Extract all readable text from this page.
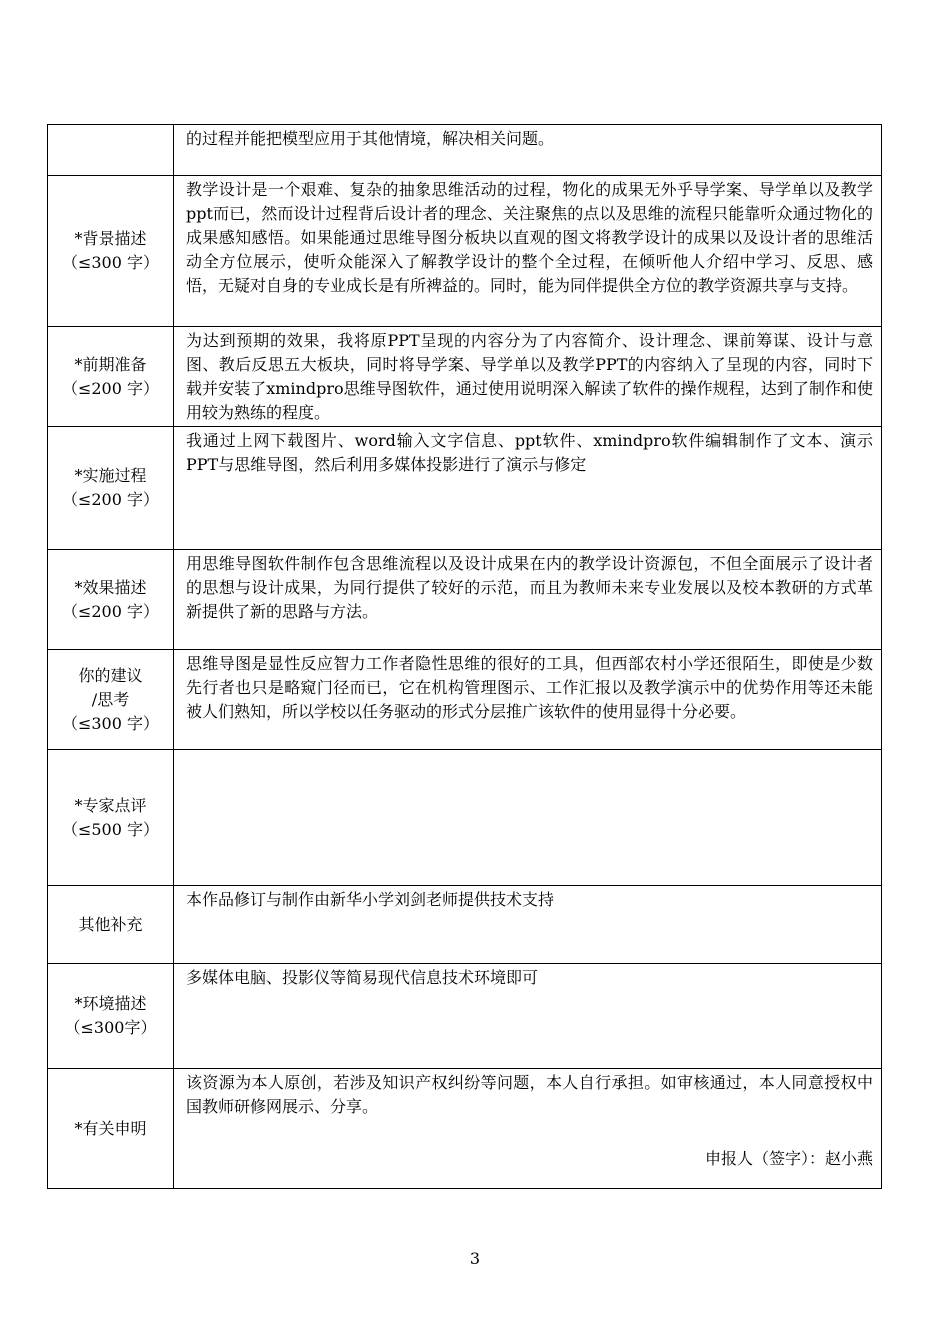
	的过程并能把模型应用于其他情境，解决相关问题。

*背景描述
（≤300 字）	教学设计是一个艰难、复杂的抽象思维活动的过程，物化的成果无外乎导学案、导学单以及教学ppt而已，然而设计过程背后设计者的理念、关注聚焦的点以及思维的流程只能靠听众通过物化的成果感知感悟。如果能通过思维导图分板块以直观的图文将教学设计的成果以及设计者的思维活动全方位展示，使听众能深入了解教学设计的整个全过程，在倾听他人介绍中学习、反思、感悟，无疑对自身的专业成长是有所裨益的。同时，能为同伴提供全方位的教学资源共享与支持。

*前期准备
（≤200 字）	为达到预期的效果，我将原PPT呈现的内容分为了内容简介、设计理念、课前筹谋、设计与意图、教后反思五大板块，同时将导学案、导学单以及教学PPT的内容纳入了呈现的内容，同时下载并安装了xmindpro思维导图软件，通过使用说明深入解读了软件的操作规程，达到了制作和使用较为熟练的程度。

*实施过程
（≤200 字）	我通过上网下载图片、word输入文字信息、ppt软件、xmindpro软件编辑制作了文本、演示PPT与思维导图，然后利用多媒体投影进行了演示与修定

*效果描述
（≤200 字）	用思维导图软件制作包含思维流程以及设计成果在内的教学设计资源包，不但全面展示了设计者的思想与设计成果，为同行提供了较好的示范，而且为教师未来专业发展以及校本教研的方式革新提供了新的思路与方法。

你的建议
/思考
（≤300 字）	思维导图是显性反应智力工作者隐性思维的很好的工具，但西部农村小学还很陌生，即使是少数先行者也只是略窥门径而已，它在机构管理图示、工作汇报以及教学演示中的优势作用等还未能被人们熟知，所以学校以任务驱动的形式分层推广该软件的使用显得十分必要。

*专家点评
（≤500 字）	

其他补充	本作品修订与制作由新华小学刘剑老师提供技术支持

*环境描述
（≤300字）	多媒体电脑、投影仪等简易现代信息技术环境即可

*有关申明	该资源为本人原创，若涉及知识产权纠纷等问题，本人自行承担。如审核通过，本人同意授权中国教师研修网展示、分享。
申报人（签字）：赵小燕
3
